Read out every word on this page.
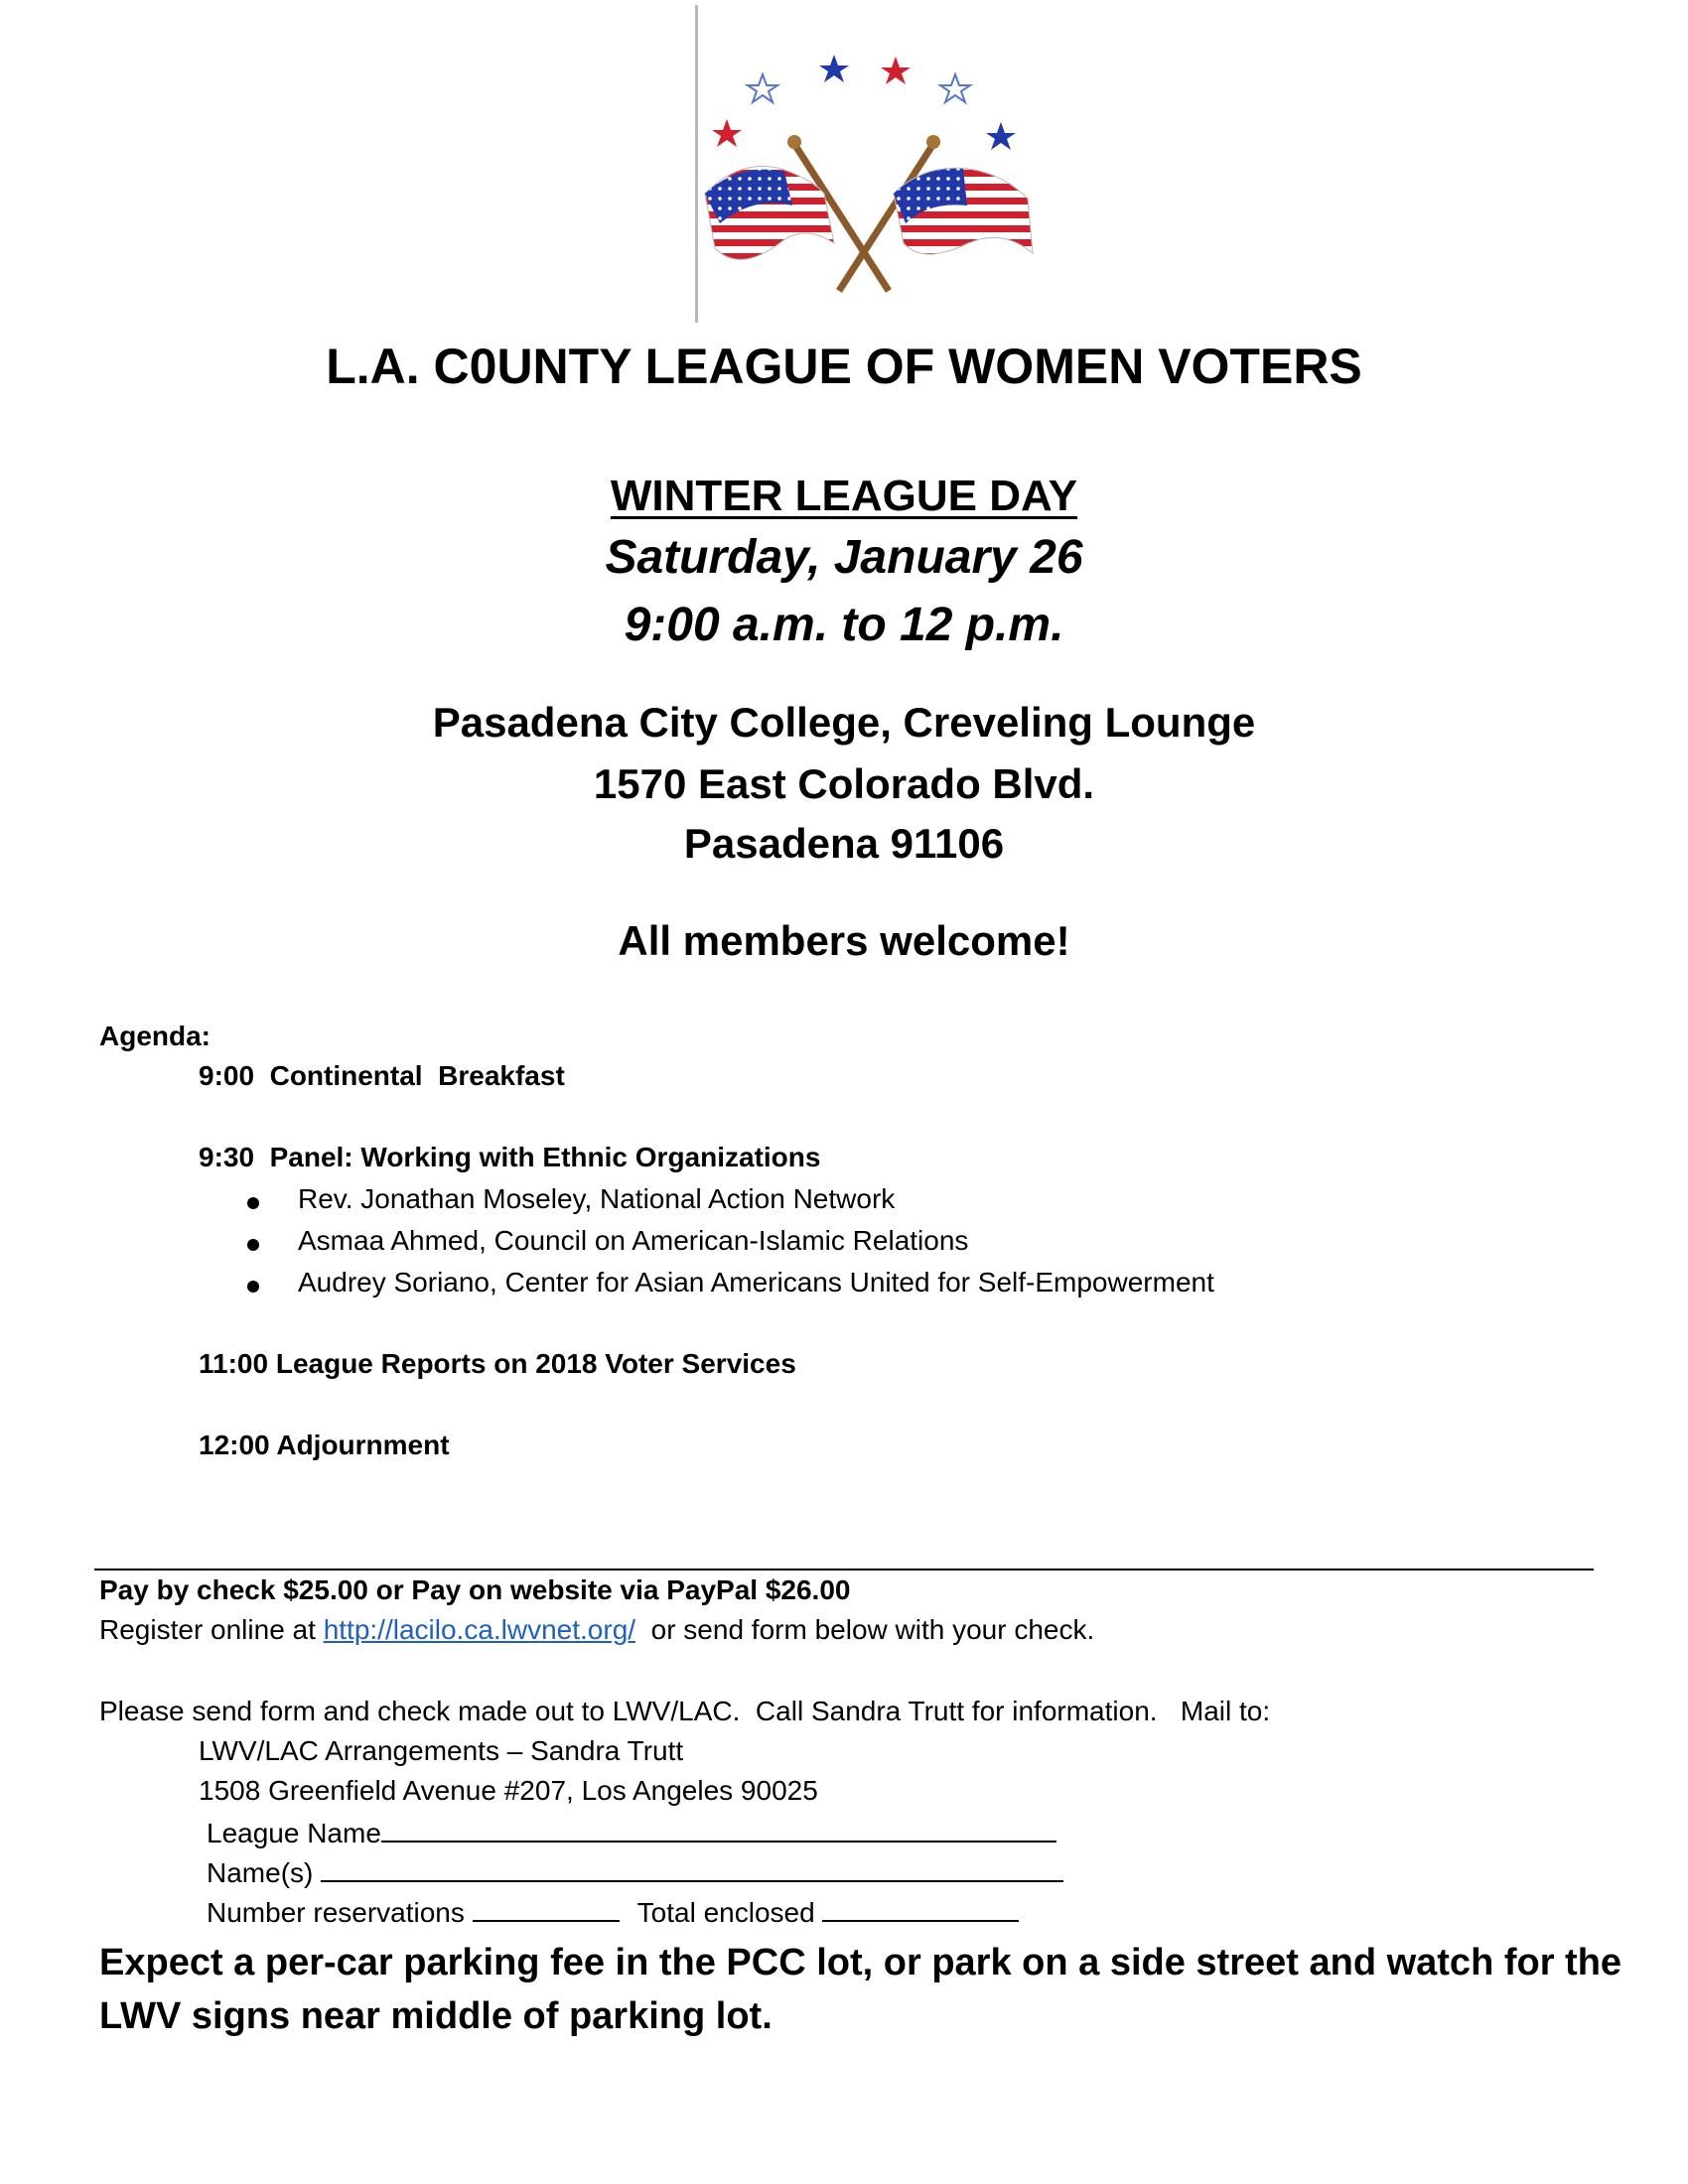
L.A. C0UNTY LEAGUE OF WOMEN VOTERS
WINTER LEAGUE DAY
Saturday, January 26
9:00 a.m. to 12 p.m.
Pasadena City College, Creveling Lounge
1570 East Colorado Blvd.
Pasadena 91106
All members welcome!
Agenda:
9:00  Continental  Breakfast
9:30  Panel: Working with Ethnic Organizations
Rev. Jonathan Moseley, National Action Network
Asmaa Ahmed, Council on American-Islamic Relations
Audrey Soriano, Center for Asian Americans United for Self-Empowerment
11:00 League Reports on 2018 Voter Services
12:00 Adjournment
Pay by check $25.00 or Pay on website via PayPal $26.00
Register online at http://lacilo.ca.lwvnet.org/  or send form below with your check.
Please send form and check made out to LWV/LAC.  Call Sandra Trutt for information.   Mail to:
LWV/LAC Arrangements – Sandra Trutt
1508 Greenfield Avenue #207, Los Angeles 90025
League Name
Name(s)
Number reservations	Total enclosed
Expect a per-car parking fee in the PCC lot, or park on a side street and watch for the LWV signs near middle of parking lot.
